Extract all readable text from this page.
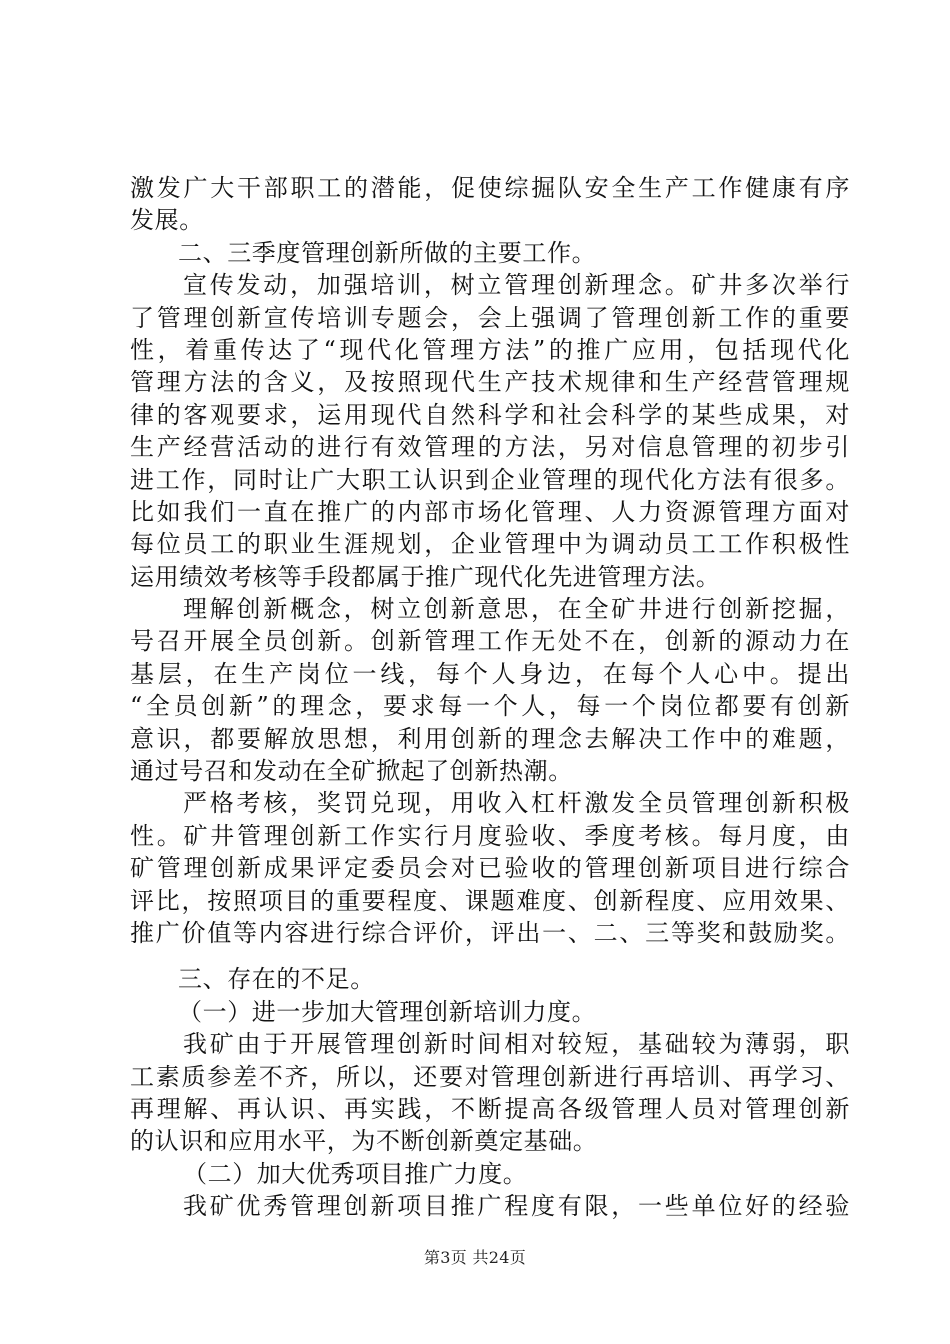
激发广大干部职工的潜能，促使综掘队安全生产工作健康有序
发展。
二、三季度管理创新所做的主要工作。
宣传发动，加强培训，树立管理创新理念。矿井多次举行
了管理创新宣传培训专题会，会上强调了管理创新工作的重要
性，着重传达了“现代化管理方法”的推广应用，包括现代化
管理方法的含义，及按照现代生产技术规律和生产经营管理规
律的客观要求，运用现代自然科学和社会科学的某些成果，对
生产经营活动的进行有效管理的方法，另对信息管理的初步引
进工作，同时让广大职工认识到企业管理的现代化方法有很多。
比如我们一直在推广的内部市场化管理、人力资源管理方面对
每位员工的职业生涯规划，企业管理中为调动员工工作积极性
运用绩效考核等手段都属于推广现代化先进管理方法。
理解创新概念，树立创新意思，在全矿井进行创新挖掘，
号召开展全员创新。创新管理工作无处不在，创新的源动力在
基层，在生产岗位一线，每个人身边，在每个人心中。提出
“全员创新”的理念，要求每一个人，每一个岗位都要有创新
意识，都要解放思想，利用创新的理念去解决工作中的难题，
通过号召和发动在全矿掀起了创新热潮。
严格考核，奖罚兑现，用收入杠杆激发全员管理创新积极
性。矿井管理创新工作实行月度验收、季度考核。每月度，由
矿管理创新成果评定委员会对已验收的管理创新项目进行综合
评比，按照项目的重要程度、课题难度、创新程度、应用效果、
推广价值等内容进行综合评价，评出一、二、三等奖和鼓励奖。
三、存在的不足。
（一）进一步加大管理创新培训力度。
我矿由于开展管理创新时间相对较短，基础较为薄弱，职
工素质参差不齐，所以，还要对管理创新进行再培训、再学习、
再理解、再认识、再实践，不断提高各级管理人员对管理创新
的认识和应用水平，为不断创新奠定基础。
（二）加大优秀项目推广力度。
我矿优秀管理创新项目推广程度有限，一些单位好的经验
第3页 共24页
